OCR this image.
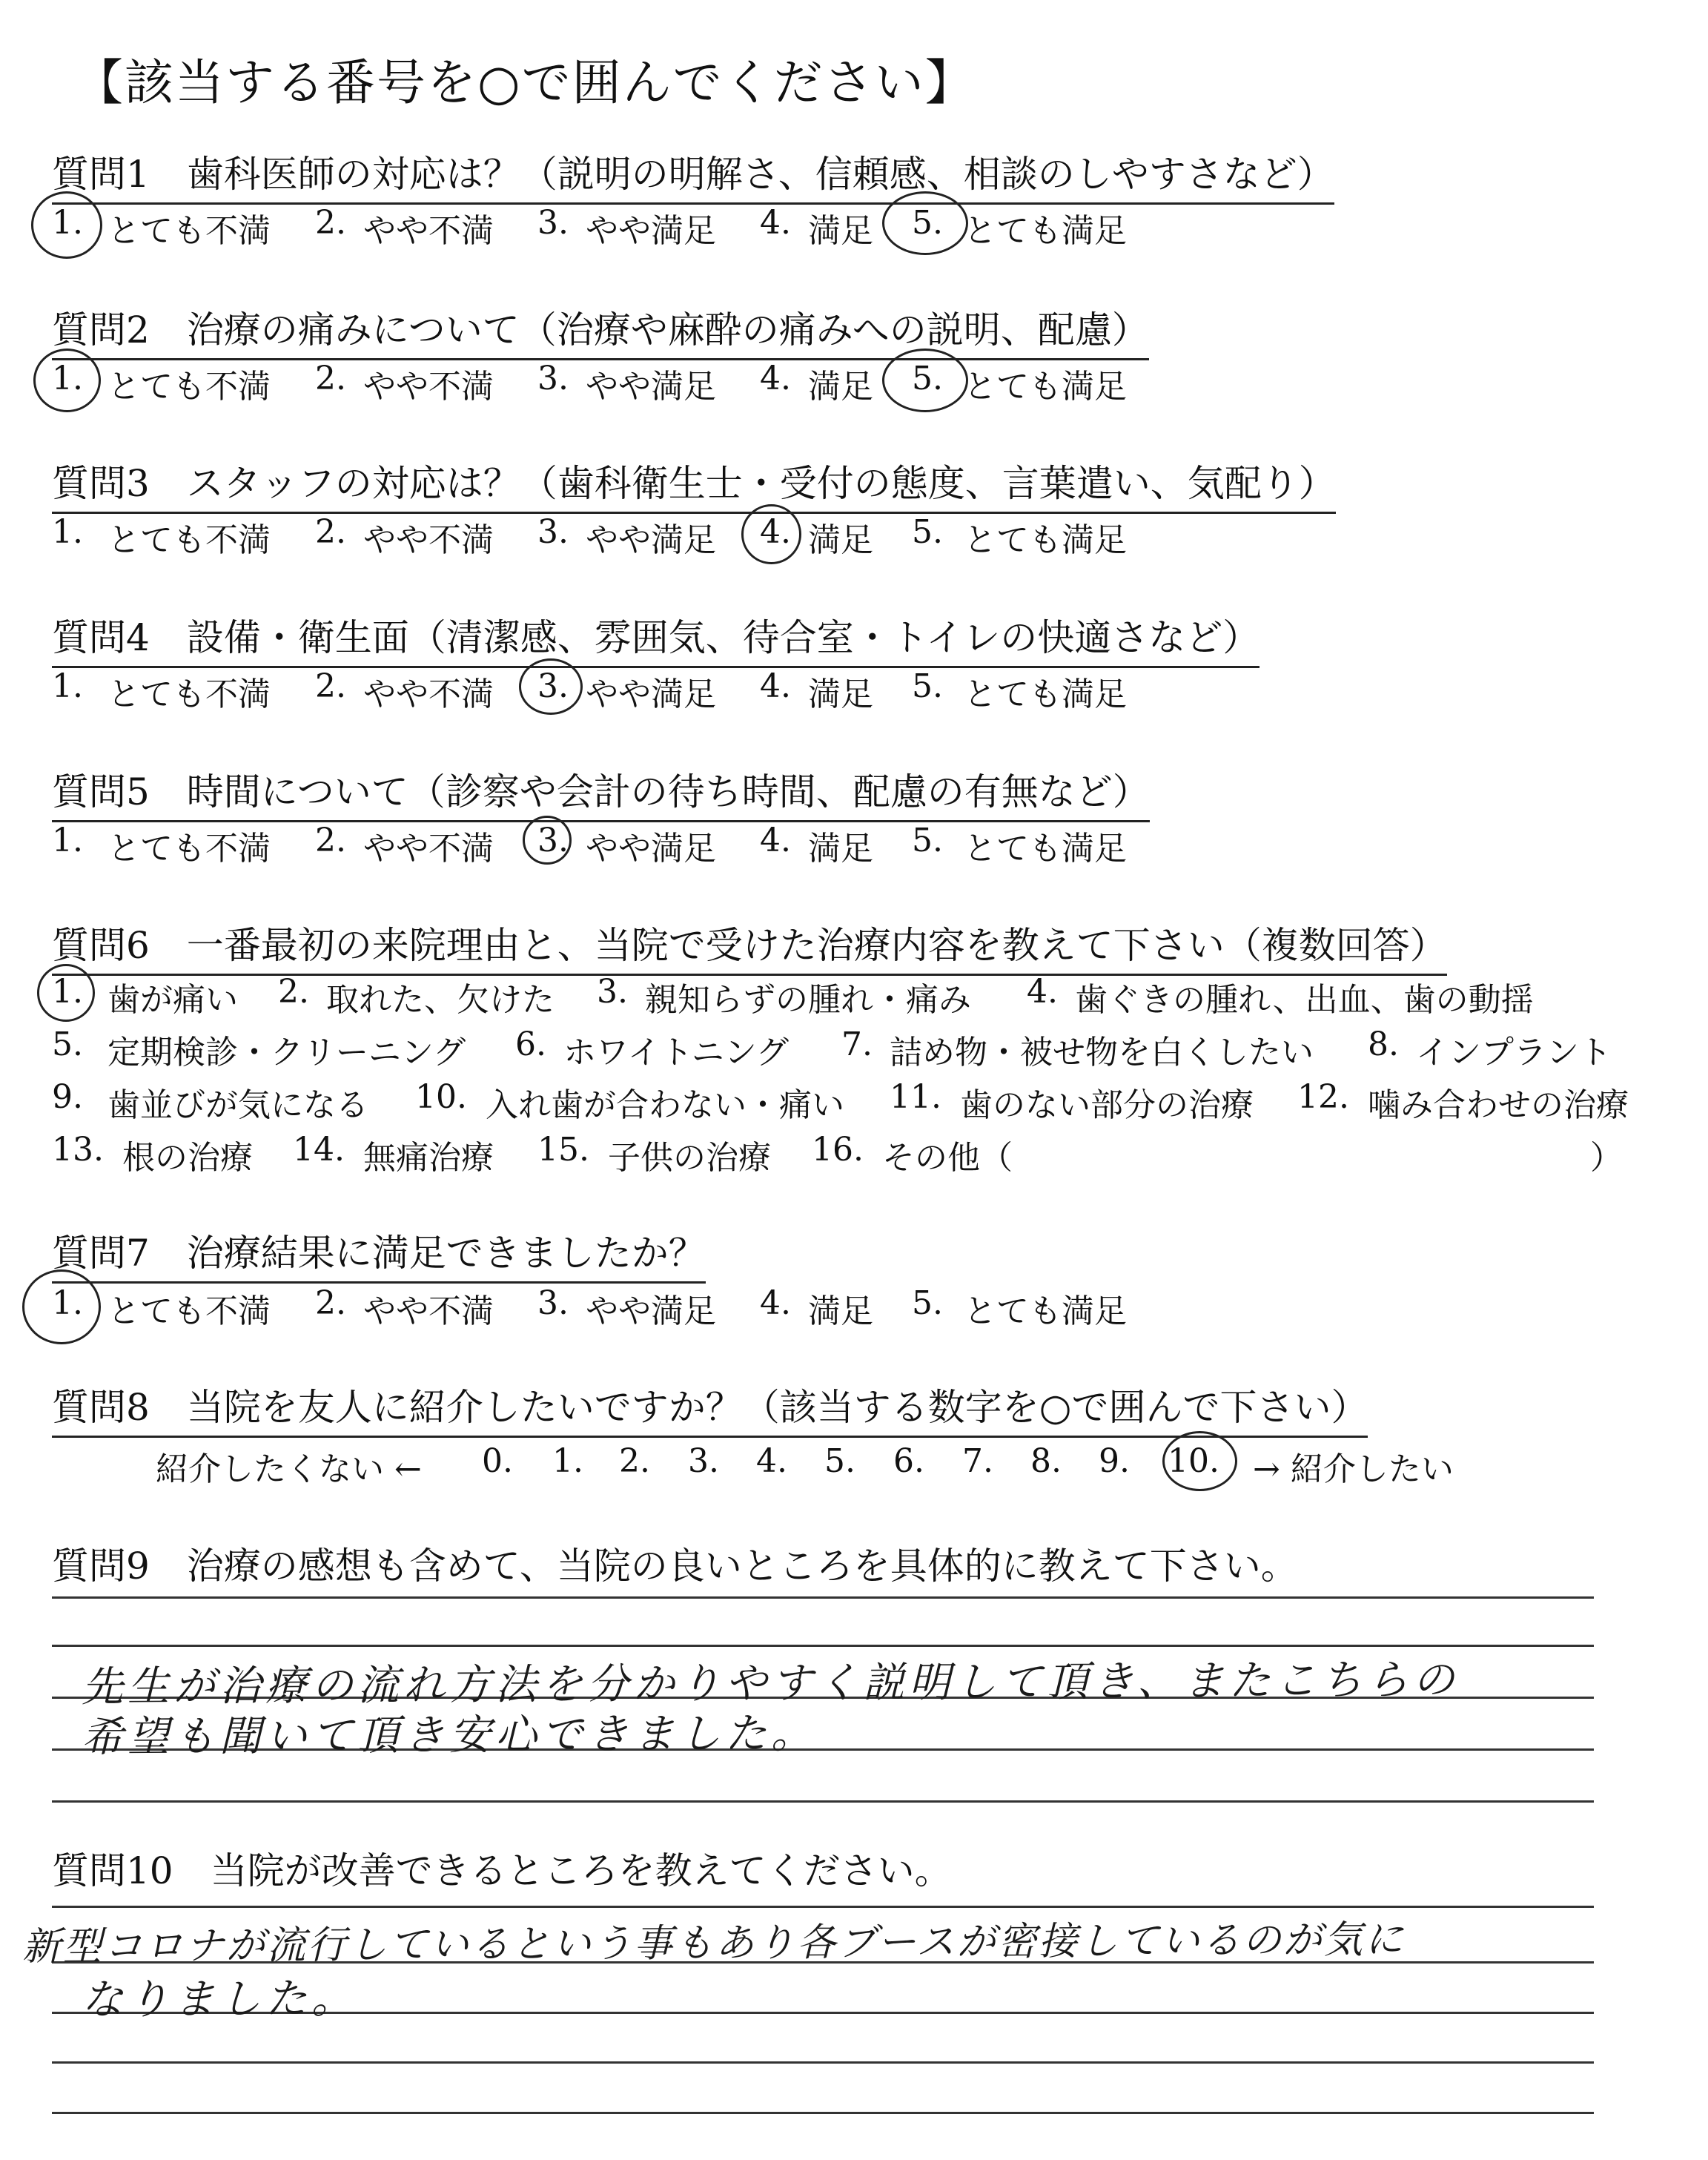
【該当する番号を○で囲んでください】
質問1　歯科医師の対応は？（説明の明解さ、信頼感、相談のしやすさなど）
1. とても不満 2. やや不満 3. やや満足 4. 満足 5. とても満足
質問2　治療の痛みについて（治療や麻酔の痛みへの説明、配慮）
1. とても不満 2. やや不満 3. やや満足 4. 満足 5. とても満足
質問3　スタッフの対応は？（歯科衛生士・受付の態度、言葉遣い、気配り）
1. とても不満 2. やや不満 3. やや満足 4. 満足 5. とても満足
質問4　設備・衛生面（清潔感、雰囲気、待合室・トイレの快適さなど）
1. とても不満 2. やや不満 3. やや満足 4. 満足 5. とても満足
質問5　時間について（診察や会計の待ち時間、配慮の有無など）
1. とても不満 2. やや不満 3. やや満足 4. 満足 5. とても満足
質問6　一番最初の来院理由と、当院で受けた治療内容を教えて下さい（複数回答）
1. 歯が痛い 2. 取れた、欠けた 3. 親知らずの腫れ・痛み 4. 歯ぐきの腫れ、出血、歯の動揺
5. 定期検診・クリーニング 6. ホワイトニング 7. 詰め物・被せ物を白くしたい 8. インプラント
9. 歯並びが気になる 10. 入れ歯が合わない・痛い 11. 歯のない部分の治療 12. 噛み合わせの治療
13. 根の治療 14. 無痛治療 15. 子供の治療 16. その他（	）
質問7　治療結果に満足できましたか？
1. とても不満 2. やや不満 3. やや満足 4. 満足 5. とても満足
質問8　当院を友人に紹介したいですか？（該当する数字を○で囲んで下さい）
紹介したくない ← 0. 1. 2. 3. 4. 5. 6. 7. 8. 9. 10. → 紹介したい
質問9　治療の感想も含めて、当院の良いところを具体的に教えて下さい。
先生が治療の流れ方法を分かりやすく説明して頂き、またこちらの
希望も聞いて頂き安心できました。
質問10　当院が改善できるところを教えてください。
新型コロナが流行しているという事もあり各ブースが密接しているのが気に
なりました。
